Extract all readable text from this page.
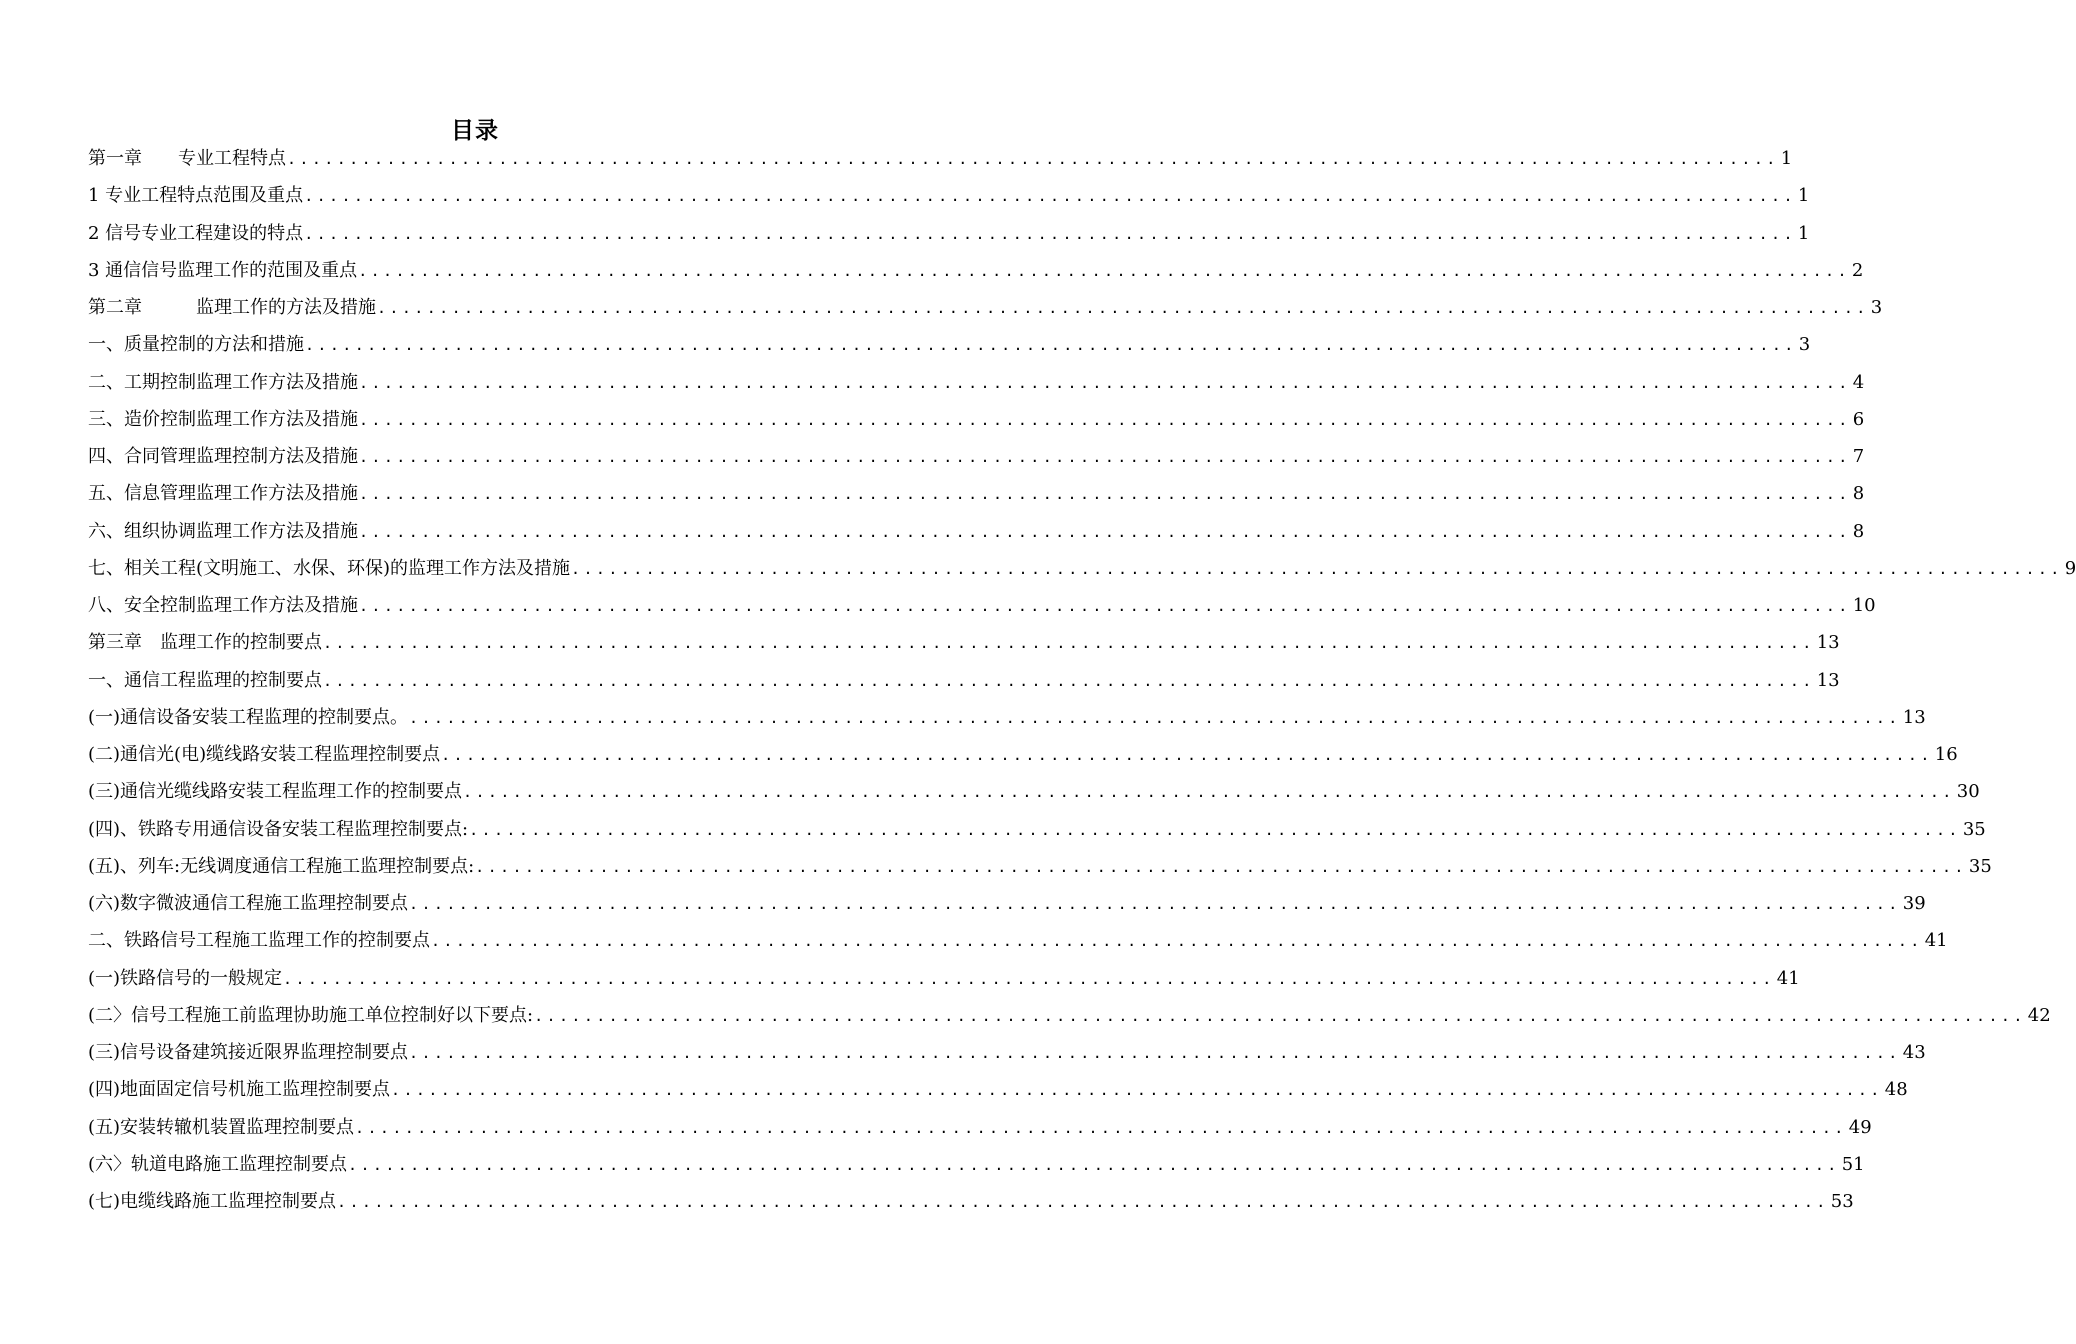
目录
第一章　　专业工程特点 ........................................................................................................................ 1
1 专业工程特点范围及重点 ........................................................................................................................ 1
2 信号专业工程建设的特点 ........................................................................................................................ 1
3 通信信号监理工作的范围及重点 ........................................................................................................................ 2
第二章　　　监理工作的方法及措施 ........................................................................................................................ 3
一、质量控制的方法和措施 ........................................................................................................................ 3
二、工期控制监理工作方法及措施 ........................................................................................................................ 4
三、造价控制监理工作方法及措施 ........................................................................................................................ 6
四、合同管理监理控制方法及措施 ........................................................................................................................ 7
五、信息管理监理工作方法及措施 ........................................................................................................................ 8
六、组织协调监理工作方法及措施 ........................................................................................................................ 8
七、相关工程(文明施工、水保、环保)的监理工作方法及措施 ........................................................................................................................ 9
八、安全控制监理工作方法及措施 ........................................................................................................................ 10
第三章　监理工作的控制要点 ........................................................................................................................ 13
一、通信工程监理的控制要点 ........................................................................................................................ 13
(一)通信设备安装工程监理的控制要点。 ........................................................................................................................ 13
(二)通信光(电)缆线路安装工程监理控制要点 ........................................................................................................................ 16
(三)通信光缆线路安装工程监理工作的控制要点 ........................................................................................................................ 30
(四)、铁路专用通信设备安装工程监理控制要点: ........................................................................................................................ 35
(五)、列车:无线调度通信工程施工监理控制要点: ........................................................................................................................ 35
(六)数字微波通信工程施工监理控制要点 ........................................................................................................................ 39
二、铁路信号工程施工监理工作的控制要点 ........................................................................................................................ 41
(一)铁路信号的一般规定 ........................................................................................................................ 41
(二〉信号工程施工前监理协助施工单位控制好以下要点: ........................................................................................................................ 42
(三)信号设备建筑接近限界监理控制要点 ........................................................................................................................ 43
(四)地面固定信号机施工监理控制要点 ........................................................................................................................ 48
(五)安装转辙机装置监理控制要点 ........................................................................................................................ 49
(六〉轨道电路施工监理控制要点 ........................................................................................................................ 51
(七)电缆线路施工监理控制要点 ........................................................................................................................ 53
